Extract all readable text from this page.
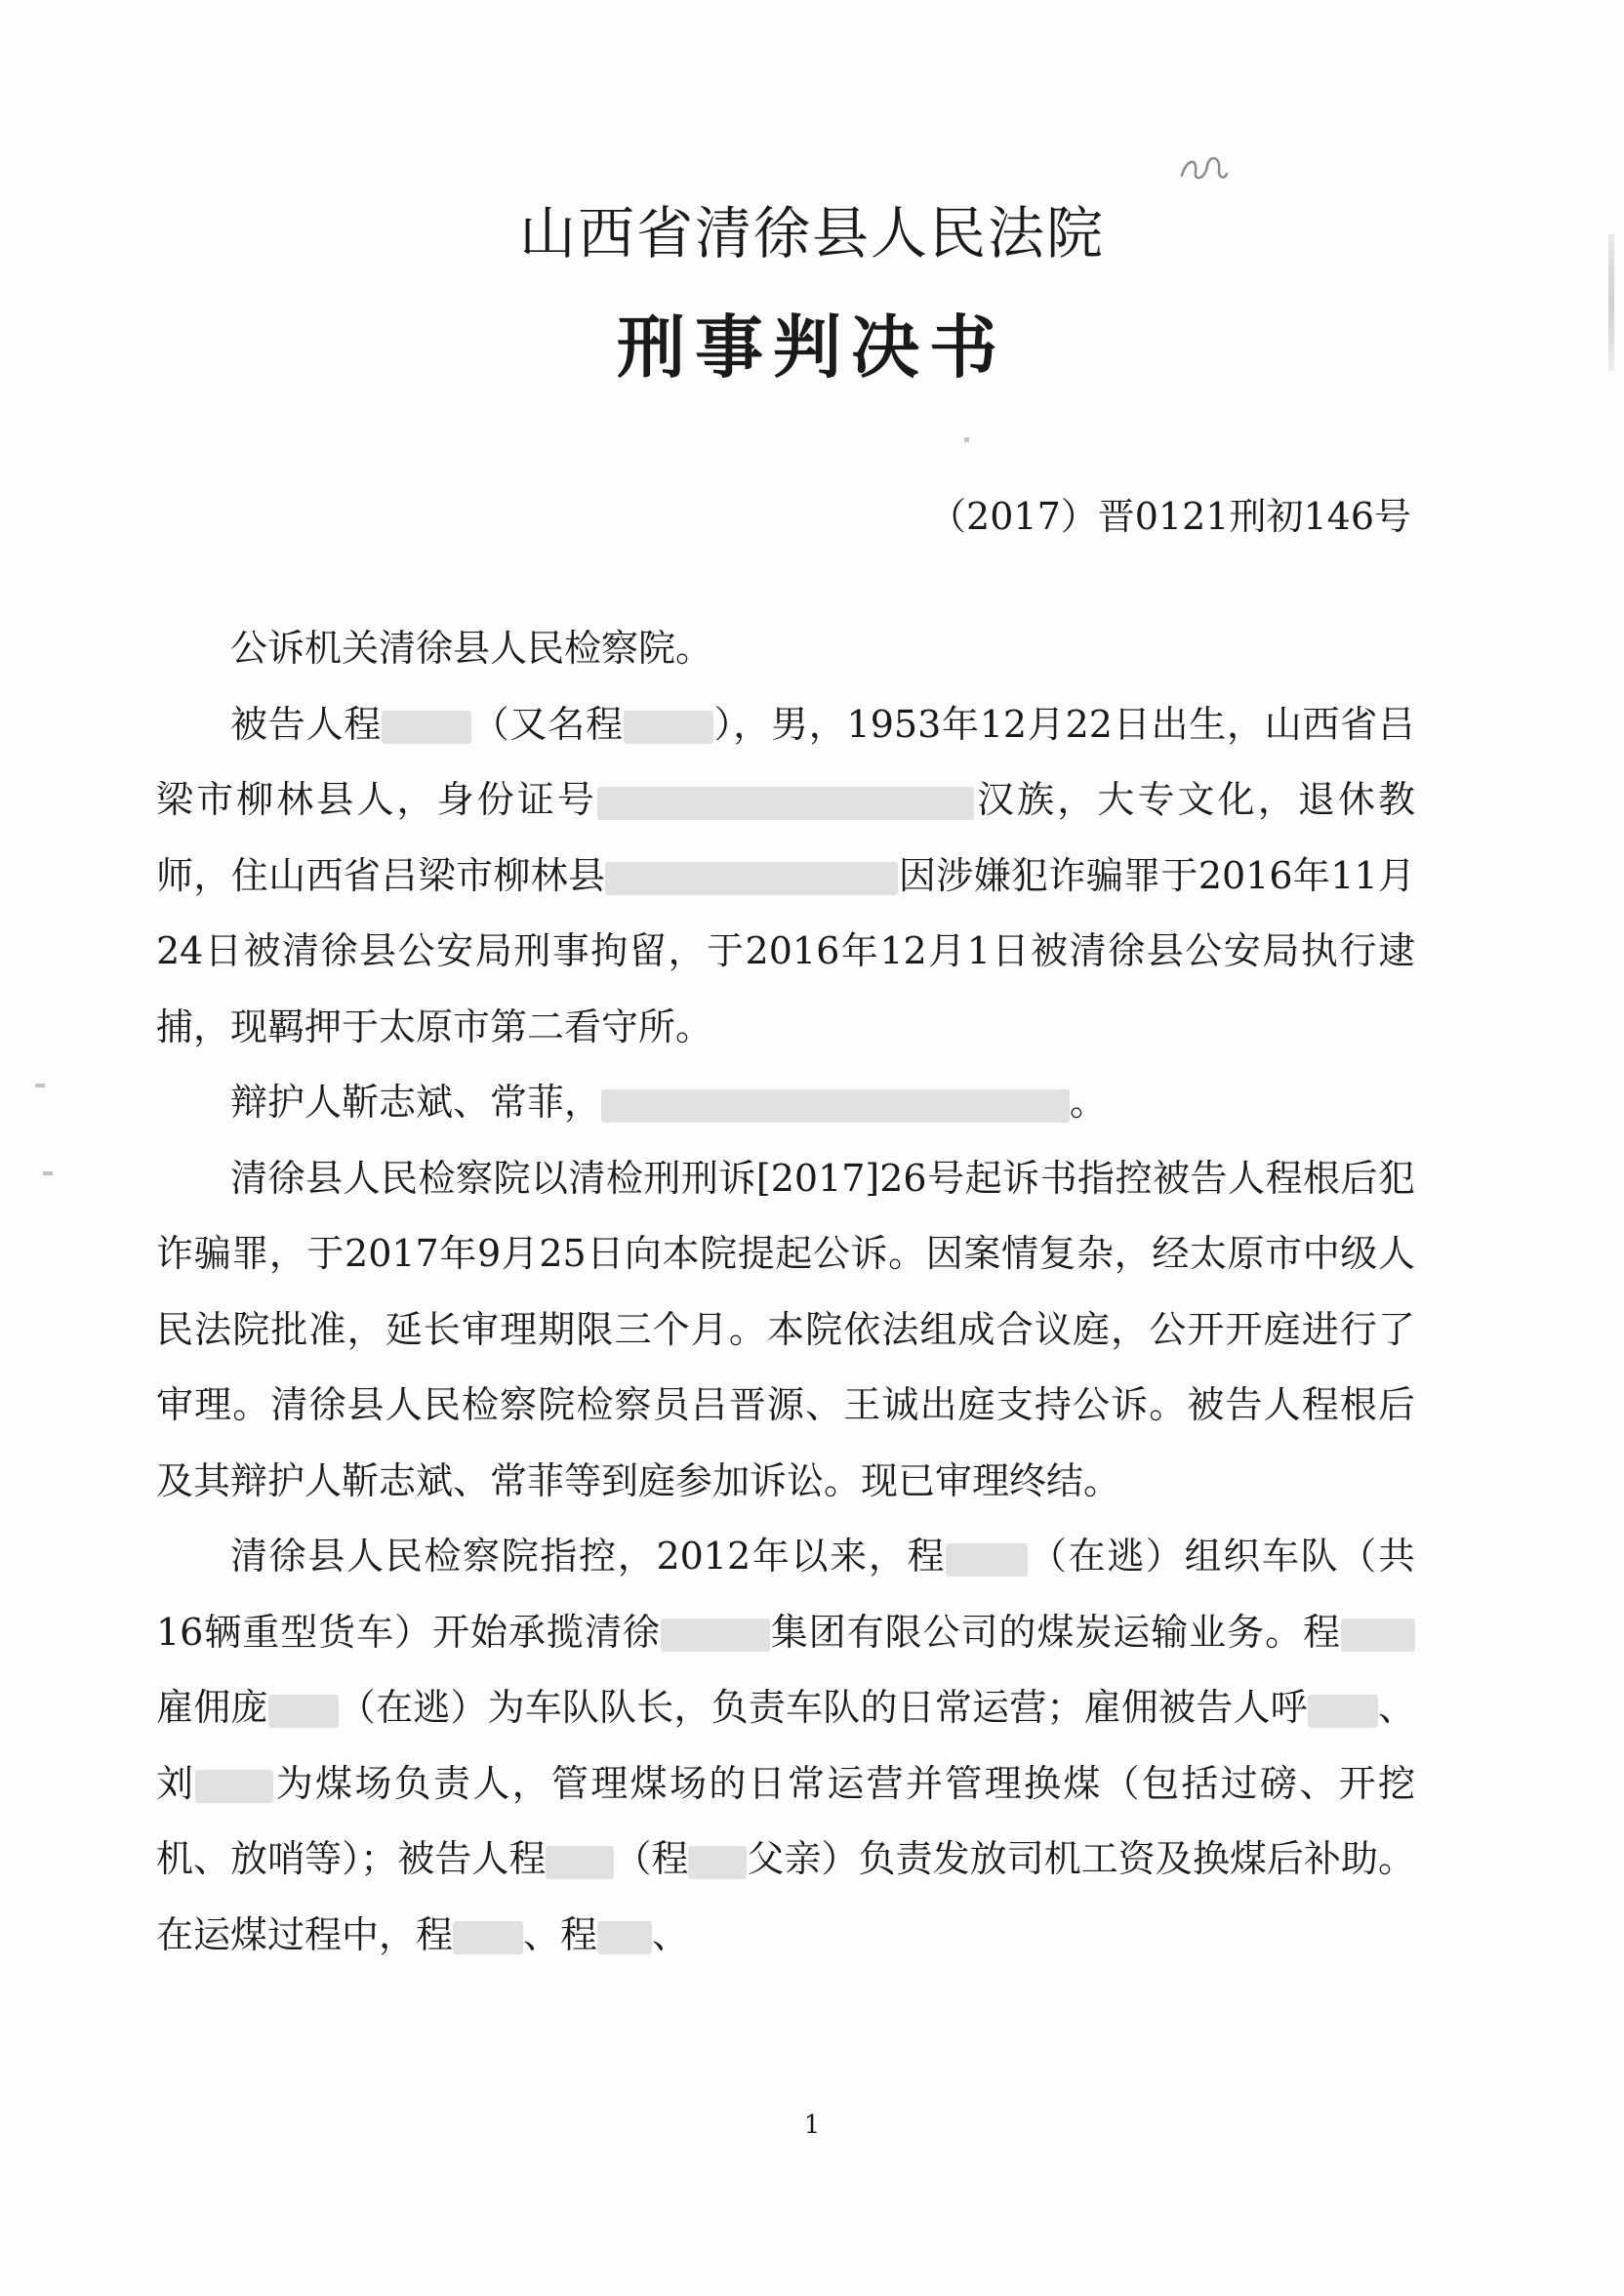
山西省清徐县人民法院
刑事判决书

（2017）晋0121刑初146号

公诉机关清徐县人民检察院。

被告人程 （又名程 ），男，1953年12月22日出生，山西省吕梁市柳林县人，身份证号	汉族，大专文化，退休教师，住山西省吕梁市柳林县	因涉嫌犯诈骗罪于2016年11月24日被清徐县公安局刑事拘留，于2016年12月1日被清徐县公安局执行逮捕，现羁押于太原市第二看守所。

辩护人靳志斌、常菲，	。

清徐县人民检察院以清检刑刑诉[2017]26号起诉书指控被告人程根后犯诈骗罪，于2017年9月25日向本院提起公诉。因案情复杂，经太原市中级人民法院批准，延长审理期限三个月。本院依法组成合议庭，公开开庭进行了审理。清徐县人民检察院检察员吕晋源、王诚出庭支持公诉。被告人程根后及其辩护人靳志斌、常菲等到庭参加诉讼。现已审理终结。

清徐县人民检察院指控，2012年以来，程 （在逃）组织车队（共16辆重型货车）开始承揽清徐	集团有限公司的煤炭运输业务。程雇佣庞 （在逃）为车队队长，负责车队的日常运营；雇佣被告人呼 、刘 为煤场负责人，管理煤场的日常运营并管理换煤（包括过磅、开挖机、放哨等）；被告人程 （程 父亲）负责发放司机工资及换煤后补助。在运煤过程中，程 、程 、

1
